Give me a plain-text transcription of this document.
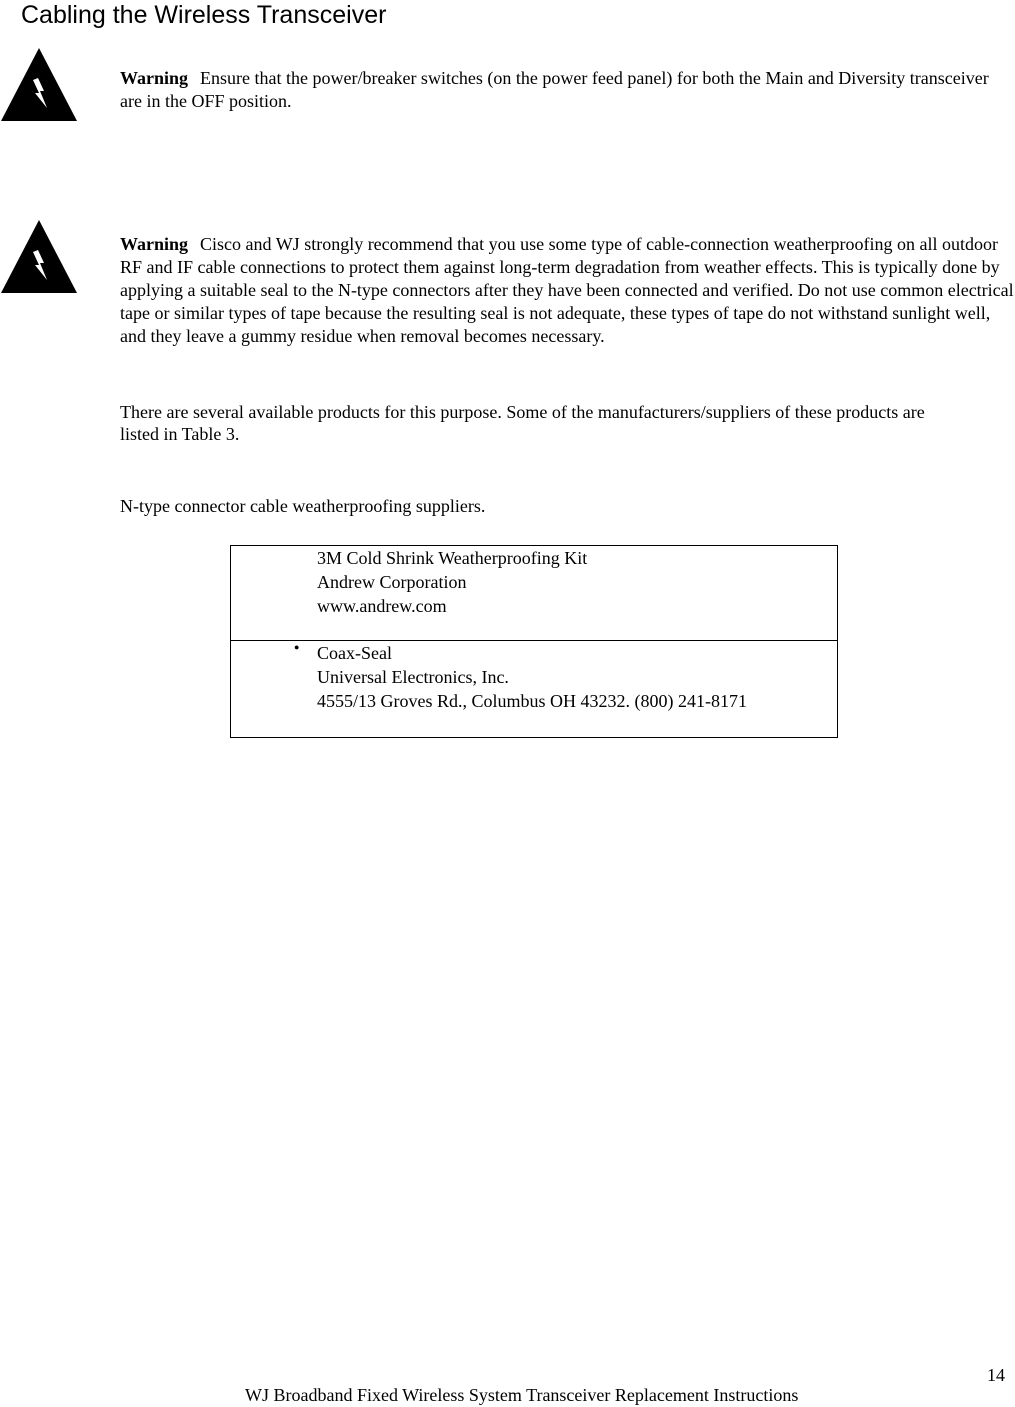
Cabling the Wireless Transceiver

Warning Ensure that the power/breaker switches (on the power feed panel) for both the Main and Diversity transceiver are in the OFF position.

Warning Cisco and WJ strongly recommend that you use some type of cable-connection weatherproofing on all outdoor RF and IF cable connections to protect them against long-term degradation from weather effects. This is typically done by applying a suitable seal to the N-type connectors after they have been connected and verified. Do not use common electrical tape or similar types of tape because the resulting seal is not adequate, these types of tape do not withstand sunlight well, and they leave a gummy residue when removal becomes necessary.

There are several available products for this purpose. Some of the manufacturers/suppliers of these products are listed in Table 3.

N-type connector cable weatherproofing suppliers.

3M Cold Shrink Weatherproofing Kit
Andrew Corporation
www.andrew.com
● Coax-Seal
Universal Electronics, Inc.
4555/13 Groves Rd., Columbus OH 43232. (800) 241-8171
14
WJ Broadband Fixed Wireless System Transceiver Replacement Instructions
